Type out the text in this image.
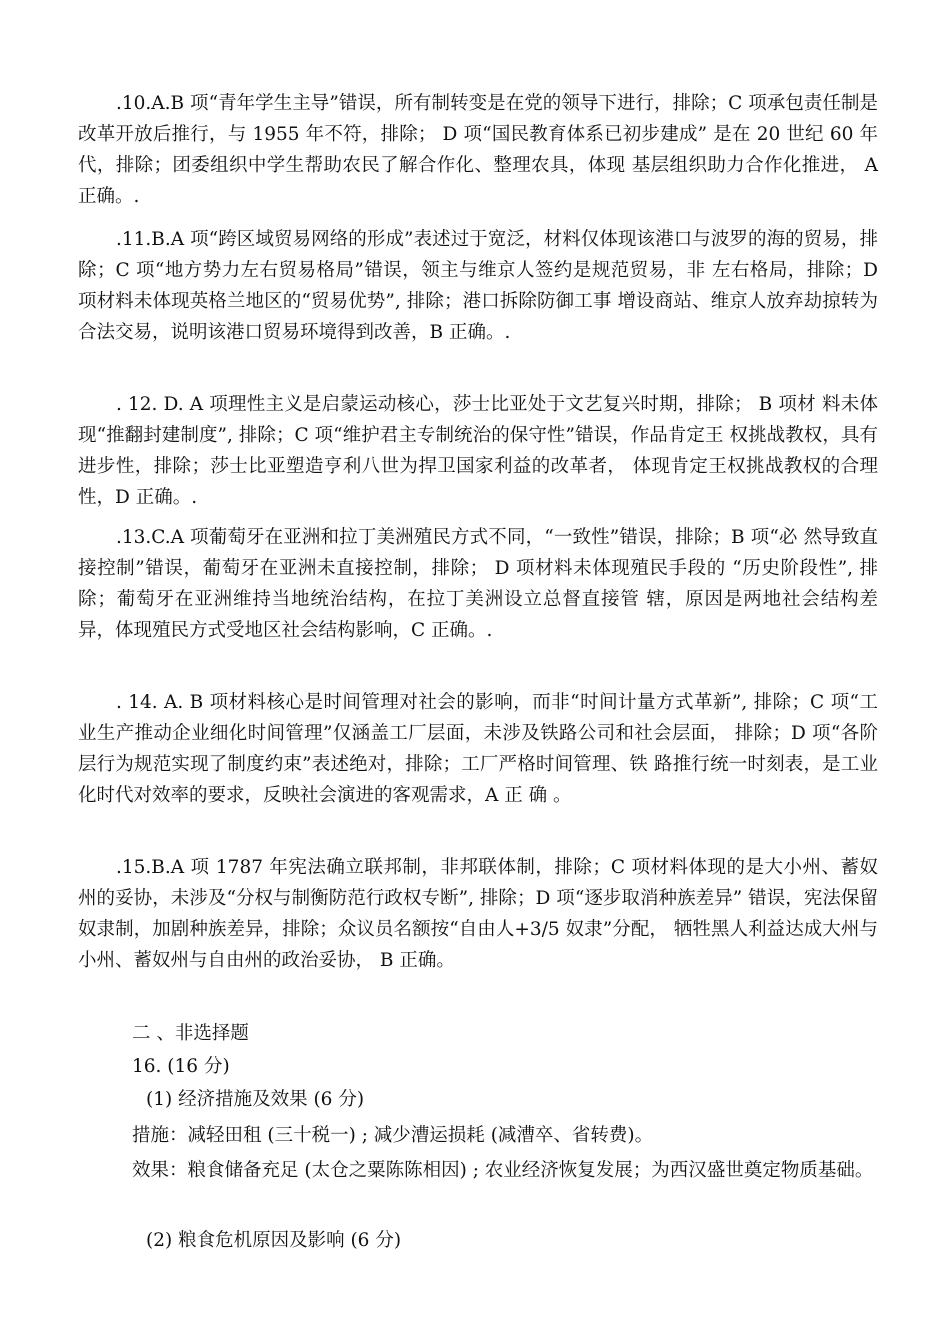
.10.A.B 项“青年学生主导”错误，所有制转变是在党的领导下进行，排除；C 项承包责任制是改革开放后推行，与 1955 年不符，排除； D 项“国民教育体系已初步建成” 是在 20 世纪 60 年代，排除；团委组织中学生帮助农民了解合作化、整理农具，体现 基层组织助力合作化推进， A 正确。.

.11.B.A 项“跨区域贸易网络的形成”表述过于宽泛，材料仅体现该港口与波罗的海的贸易，排除；C 项“地方势力左右贸易格局”错误，领主与维京人签约是规范贸易，非 左右格局，排除；D 项材料未体现英格兰地区的“贸易优势”, 排除；港口拆除防御工事 增设商站、维京人放弃劫掠转为合法交易，说明该港口贸易环境得到改善，B 正确。.

. 12. D. A 项理性主义是启蒙运动核心，莎士比亚处于文艺复兴时期，排除； B 项材 料未体现“推翻封建制度”, 排除；C 项“维护君主专制统治的保守性”错误，作品肯定王 权挑战教权，具有进步性，排除；莎士比亚塑造亨利八世为捍卫国家利益的改革者， 体现肯定王权挑战教权的合理性，D 正确。.

.13.C.A 项葡萄牙在亚洲和拉丁美洲殖民方式不同，“一致性”错误，排除；B 项“必 然导致直接控制”错误，葡萄牙在亚洲未直接控制，排除； D 项材料未体现殖民手段的 “历史阶段性”, 排除；葡萄牙在亚洲维持当地统治结构，在拉丁美洲设立总督直接管 辖，原因是两地社会结构差异，体现殖民方式受地区社会结构影响，C 正确。.

. 14. A. B 项材料核心是时间管理对社会的影响，而非“时间计量方式革新”, 排除；C 项“工业生产推动企业细化时间管理”仅涵盖工厂层面，未涉及铁路公司和社会层面， 排除；D 项“各阶层行为规范实现了制度约束”表述绝对，排除；工厂严格时间管理、铁 路推行统一时刻表，是工业化时代对效率的要求，反映社会演进的客观需求，A 正 确 。

.15.B.A 项 1787 年宪法确立联邦制，非邦联体制，排除；C 项材料体现的是大小州、蓄奴州的妥协，未涉及“分权与制衡防范行政权专断”, 排除；D 项“逐步取消种族差异” 错误，宪法保留奴隶制，加剧种族差异，排除；众议员名额按“自由人+3/5 奴隶”分配， 牺牲黑人利益达成大州与小州、蓄奴州与自由州的政治妥协， B 正确。

二 、非选择题

16. (16 分)

(1) 经济措施及效果 (6 分)

措施：减轻田租 (三十税一) ; 减少漕运损耗 (减漕卒、省转费)。

效果：粮食储备充足 (太仓之粟陈陈相因) ; 农业经济恢复发展；为西汉盛世奠定物质基础。

(2) 粮食危机原因及影响 (6 分)
